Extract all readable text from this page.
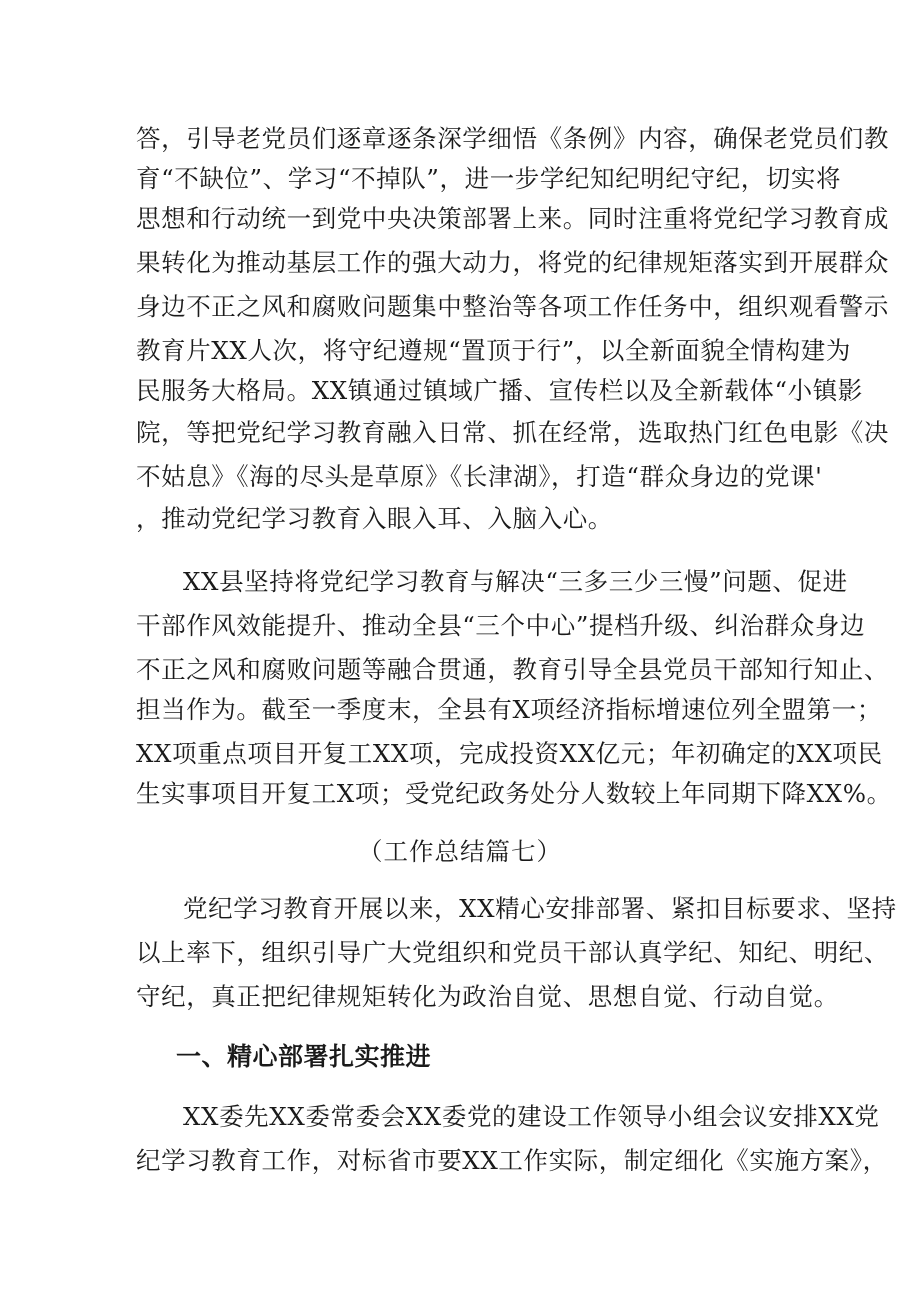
答，引导老党员们逐章逐条深学细悟《条例》内容，确保老党员们教
育“不缺位”、学习“不掉队”，进一步学纪知纪明纪守纪，切实将
思想和行动统一到党中央决策部署上来。同时注重将党纪学习教育成
果转化为推动基层工作的强大动力，将党的纪律规矩落实到开展群众
身边不正之风和腐败问题集中整治等各项工作任务中，组织观看警示
教育片XX人次，将守纪遵规“置顶于行”，以全新面貌全情构建为
民服务大格局。XX镇通过镇域广播、宣传栏以及全新载体“小镇影
院，等把党纪学习教育融入日常、抓在经常，选取热门红色电影《决
不姑息》《海的尽头是草原》《长津湖》，打造“群众身边的党课'
，推动党纪学习教育入眼入耳、入脑入心。
XX县坚持将党纪学习教育与解决“三多三少三慢”问题、促进
干部作风效能提升、推动全县“三个中心”提档升级、纠治群众身边
不正之风和腐败问题等融合贯通，教育引导全县党员干部知行知止、
担当作为。截至一季度末，全县有X项经济指标增速位列全盟第一；
XX项重点项目开复工XX项，完成投资XX亿元；年初确定的XX项民
生实事项目开复工X项；受党纪政务处分人数较上年同期下降XX%。
（工作总结篇七）
党纪学习教育开展以来，XX精心安排部署、紧扣目标要求、坚持
以上率下，组织引导广大党组织和党员干部认真学纪、知纪、明纪、
守纪，真正把纪律规矩转化为政治自觉、思想自觉、行动自觉。
一、精心部署扎实推进
XX委先XX委常委会XX委党的建设工作领导小组会议安排XX党
纪学习教育工作，对标省市要XX工作实际，制定细化《实施方案》，
